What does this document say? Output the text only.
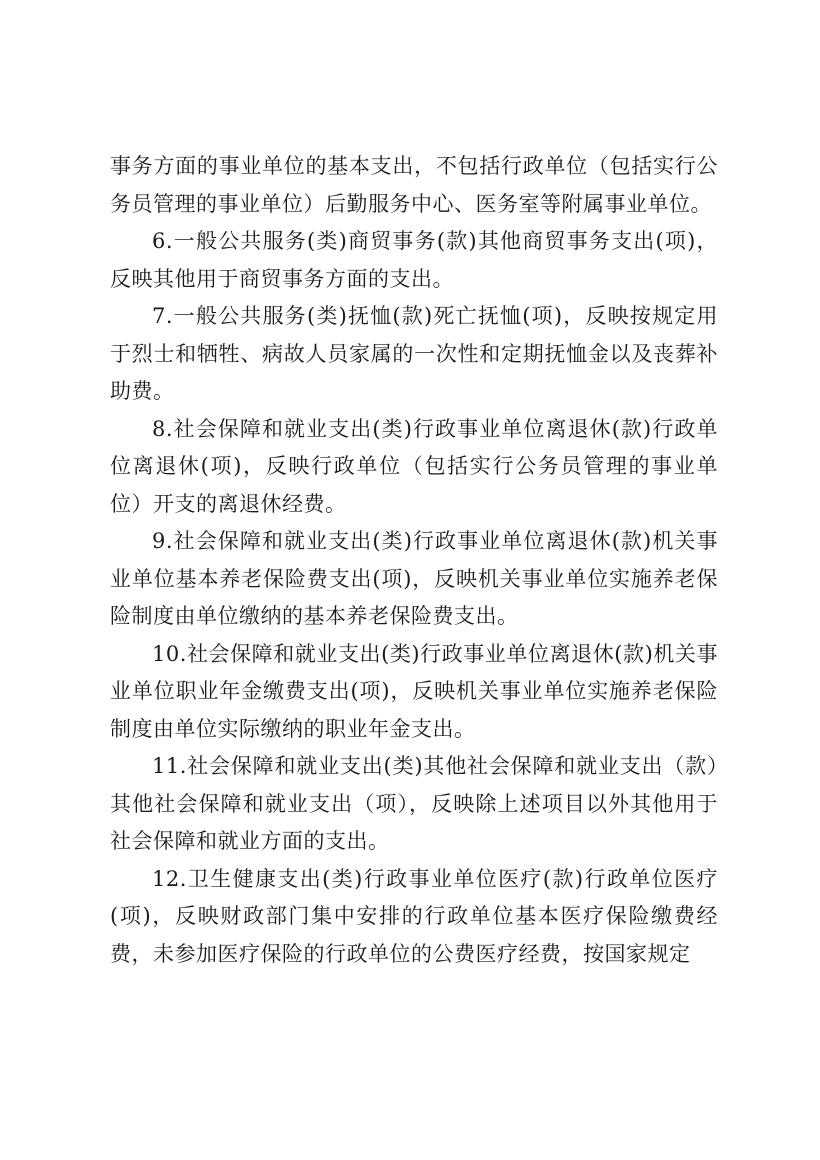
事务方面的事业单位的基本支出，不包括行政单位（包括实行公务员管理的事业单位）后勤服务中心、医务室等附属事业单位。

6.一般公共服务(类)商贸事务(款)其他商贸事务支出(项)，反映其他用于商贸事务方面的支出。

7.一般公共服务(类)抚恤(款)死亡抚恤(项)，反映按规定用于烈士和牺牲、病故人员家属的一次性和定期抚恤金以及丧葬补助费。

8.社会保障和就业支出(类)行政事业单位离退休(款)行政单位离退休(项)，反映行政单位（包括实行公务员管理的事业单位）开支的离退休经费。

9.社会保障和就业支出(类)行政事业单位离退休(款)机关事业单位基本养老保险费支出(项)，反映机关事业单位实施养老保险制度由单位缴纳的基本养老保险费支出。

10.社会保障和就业支出(类)行政事业单位离退休(款)机关事业单位职业年金缴费支出(项)，反映机关事业单位实施养老保险制度由单位实际缴纳的职业年金支出。

11.社会保障和就业支出(类)其他社会保障和就业支出（款）其他社会保障和就业支出（项），反映除上述项目以外其他用于社会保障和就业方面的支出。

12.卫生健康支出(类)行政事业单位医疗(款)行政单位医疗(项)，反映财政部门集中安排的行政单位基本医疗保险缴费经费，未参加医疗保险的行政单位的公费医疗经费，按国家规定
